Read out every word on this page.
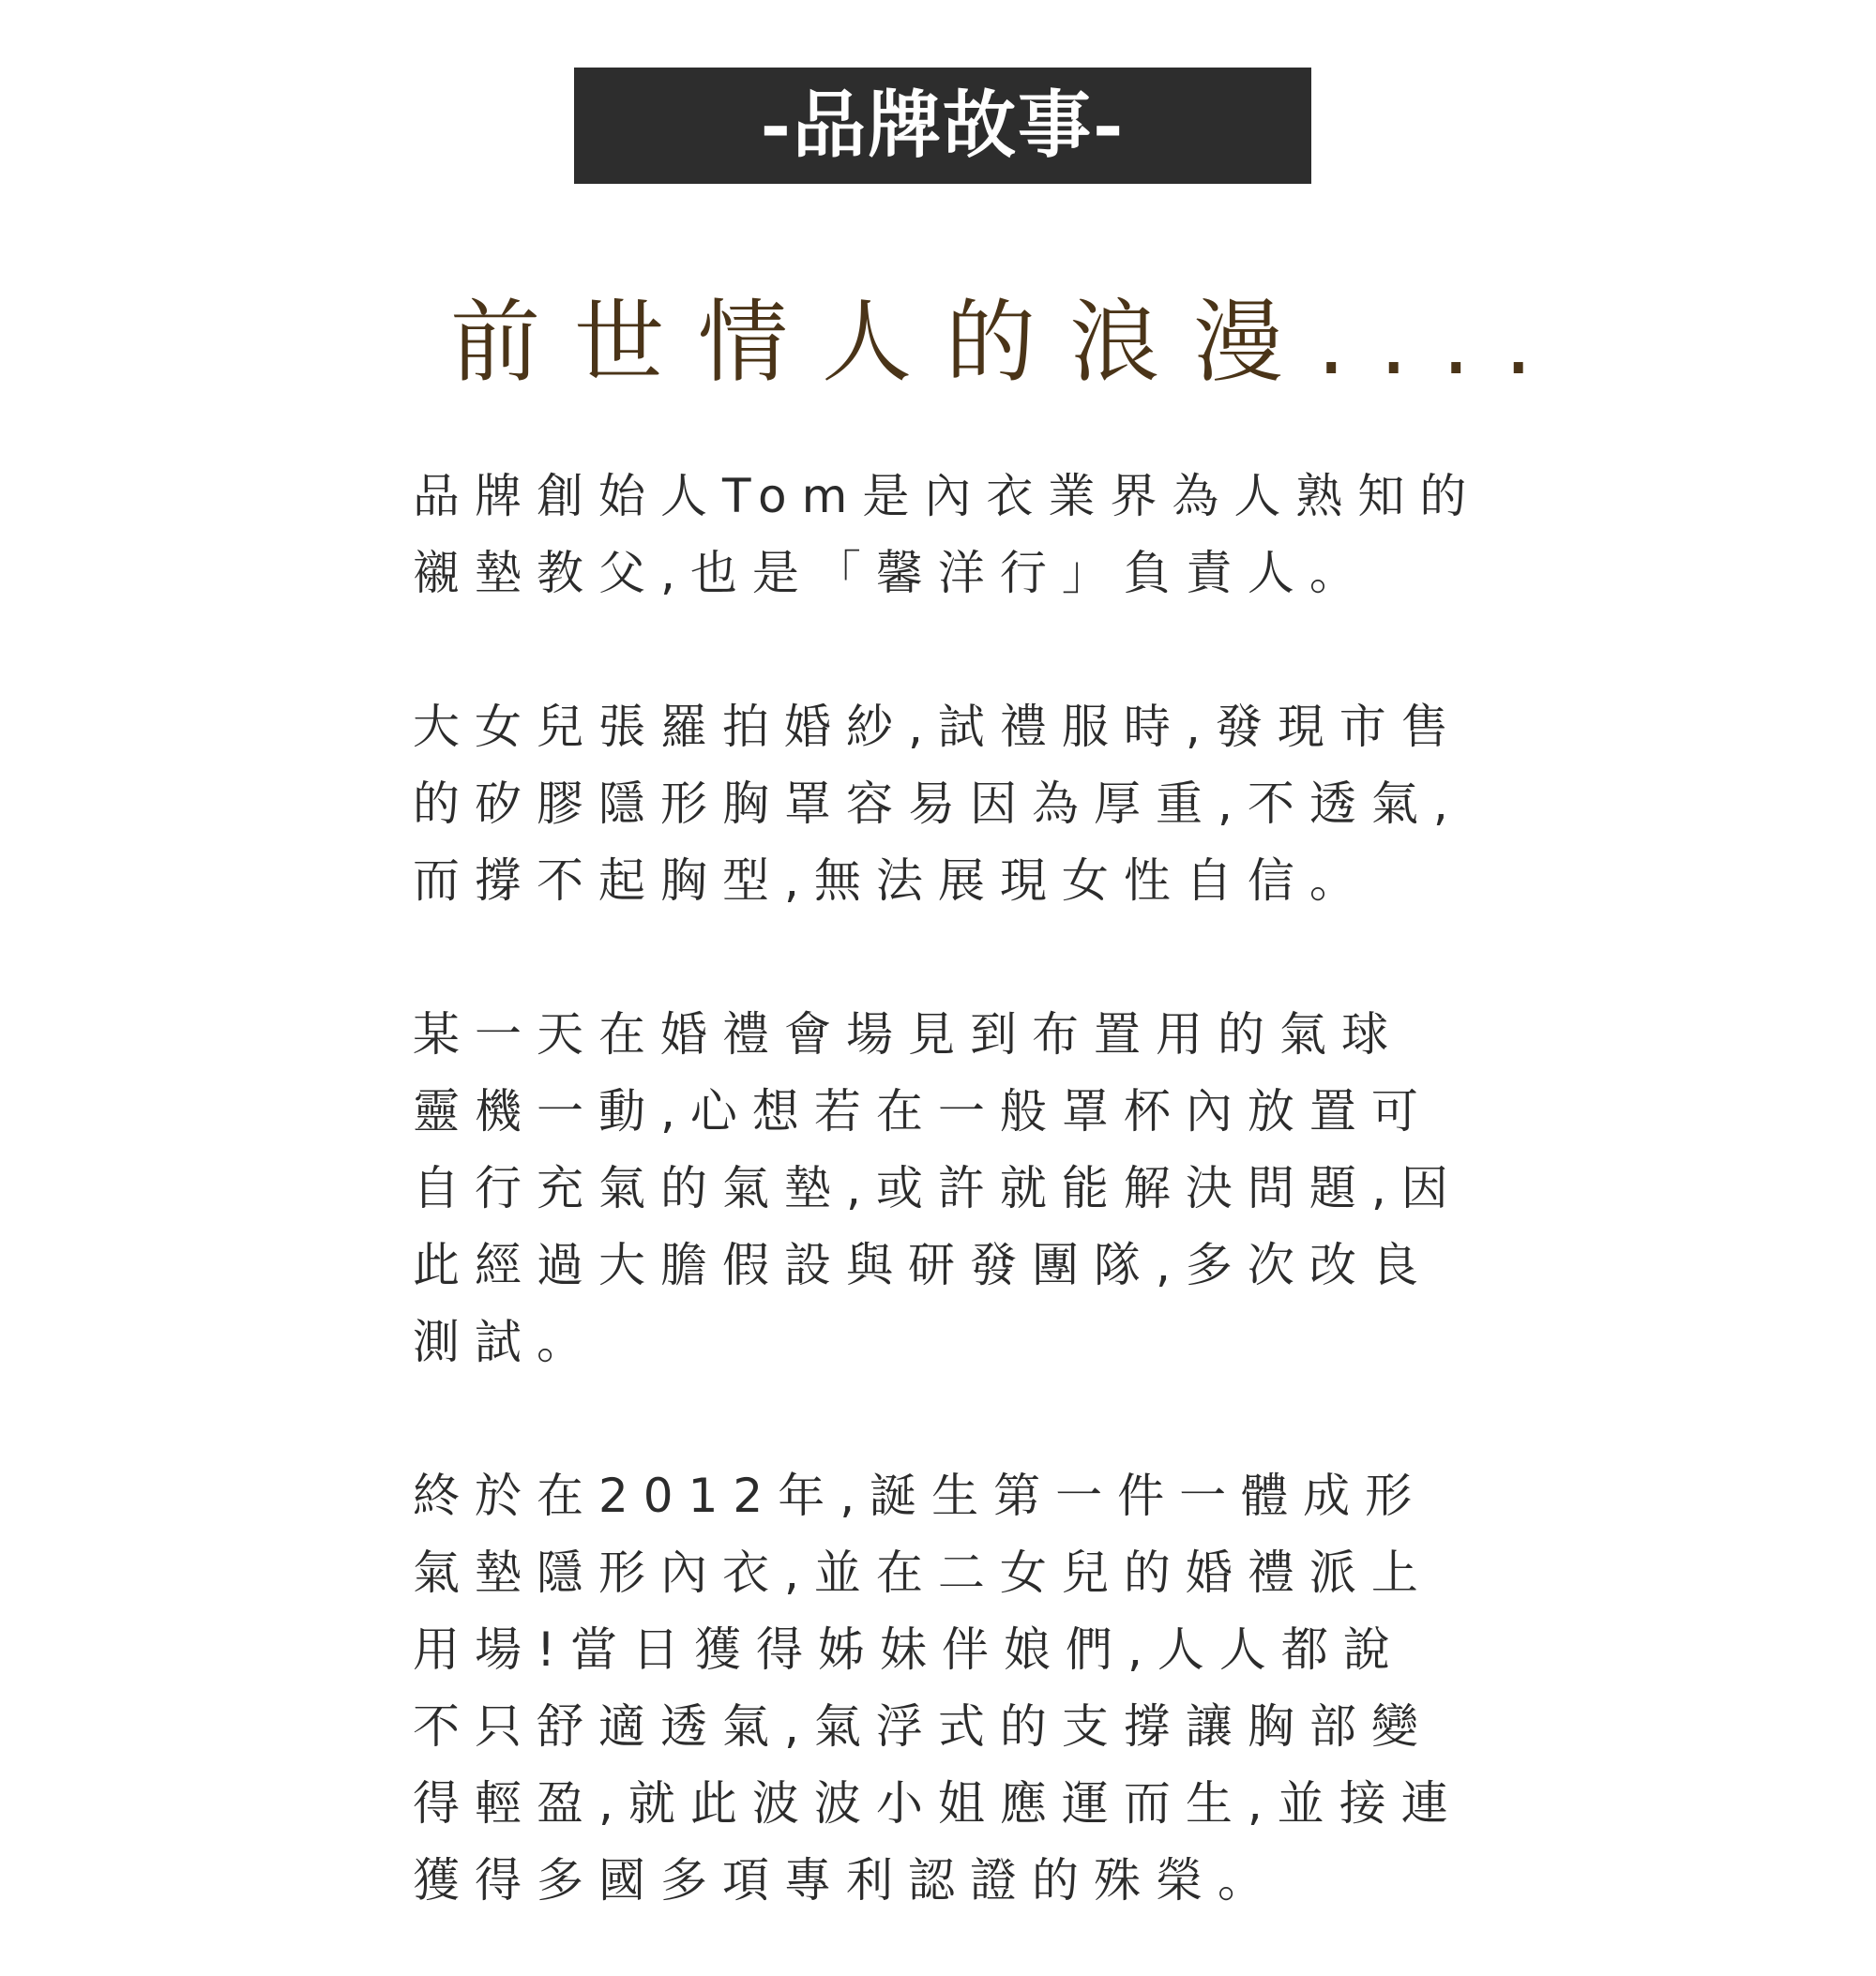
-品牌故事-
前世情人的浪漫....
品牌創始人Tom是內衣業界為人熟知的
襯墊教父,也是「馨洋行」負責人。
大女兒張羅拍婚紗,試禮服時,發現市售
的矽膠隱形胸罩容易因為厚重,不透氣,
而撐不起胸型,無法展現女性自信。
某一天在婚禮會場見到布置用的氣球
靈機一動,心想若在一般罩杯內放置可
自行充氣的氣墊,或許就能解決問題,因
此經過大膽假設與研發團隊,多次改良
測試。
終於在2012年,誕生第一件一體成形
氣墊隱形內衣,並在二女兒的婚禮派上
用場!當日獲得姊妹伴娘們,人人都說
不只舒適透氣,氣浮式的支撐讓胸部變
得輕盈,就此波波小姐應運而生,並接連
獲得多國多項專利認證的殊榮。
